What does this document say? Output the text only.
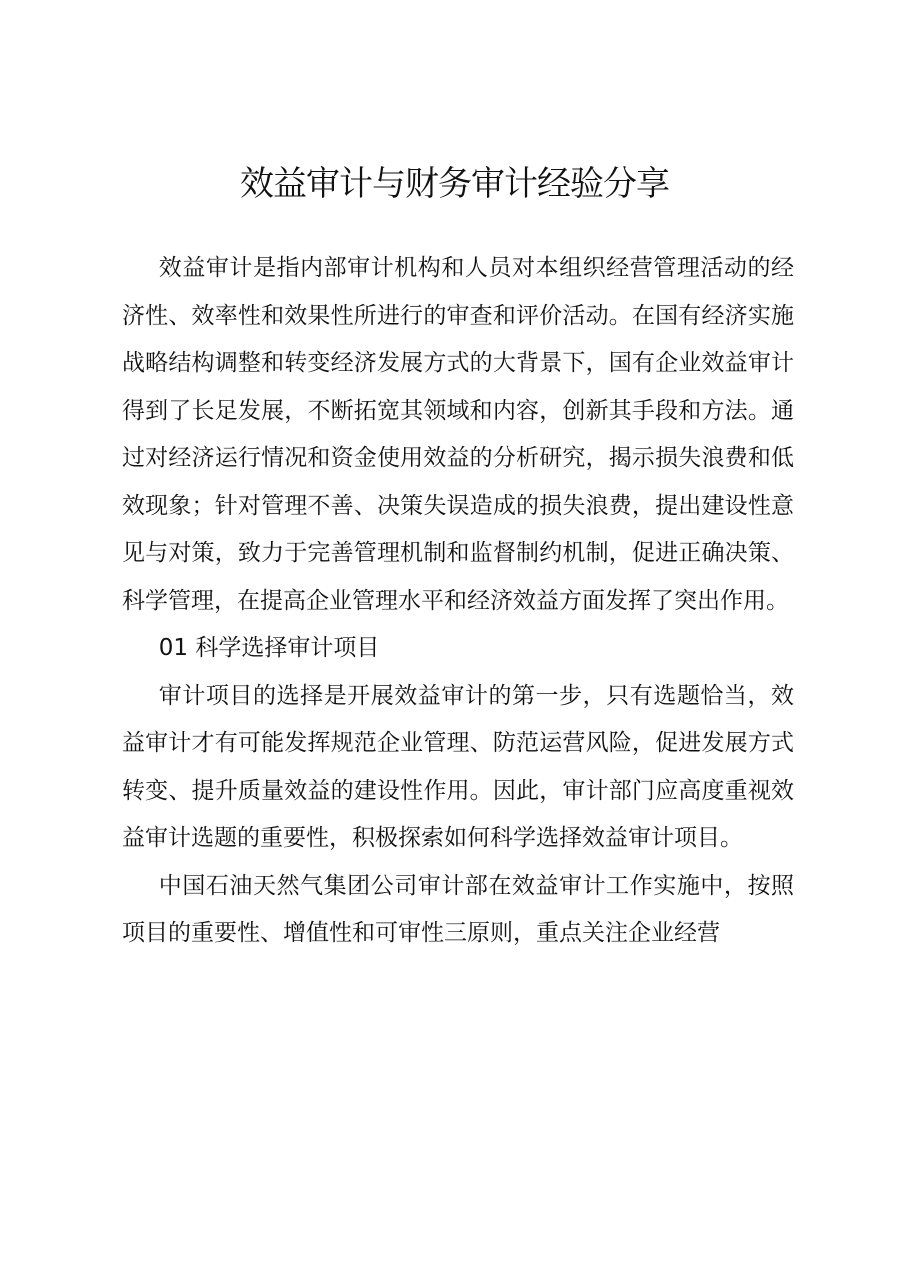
效益审计与财务审计经验分享

效益审计是指内部审计机构和人员对本组织经营管理活动的经济性、效率性和效果性所进行的审查和评价活动。在国有经济实施战略结构调整和转变经济发展方式的大背景下，国有企业效益审计得到了长足发展，不断拓宽其领域和内容，创新其手段和方法。通过对经济运行情况和资金使用效益的分析研究，揭示损失浪费和低效现象；针对管理不善、决策失误造成的损失浪费，提出建设性意见与对策，致力于完善管理机制和监督制约机制，促进正确决策、科学管理，在提高企业管理水平和经济效益方面发挥了突出作用。

01 科学选择审计项目

审计项目的选择是开展效益审计的第一步，只有选题恰当，效益审计才有可能发挥规范企业管理、防范运营风险，促进发展方式转变、提升质量效益的建设性作用。因此，审计部门应高度重视效益审计选题的重要性，积极探索如何科学选择效益审计项目。

中国石油天然气集团公司审计部在效益审计工作实施中，按照项目的重要性、增值性和可审性三原则，重点关注企业经营
